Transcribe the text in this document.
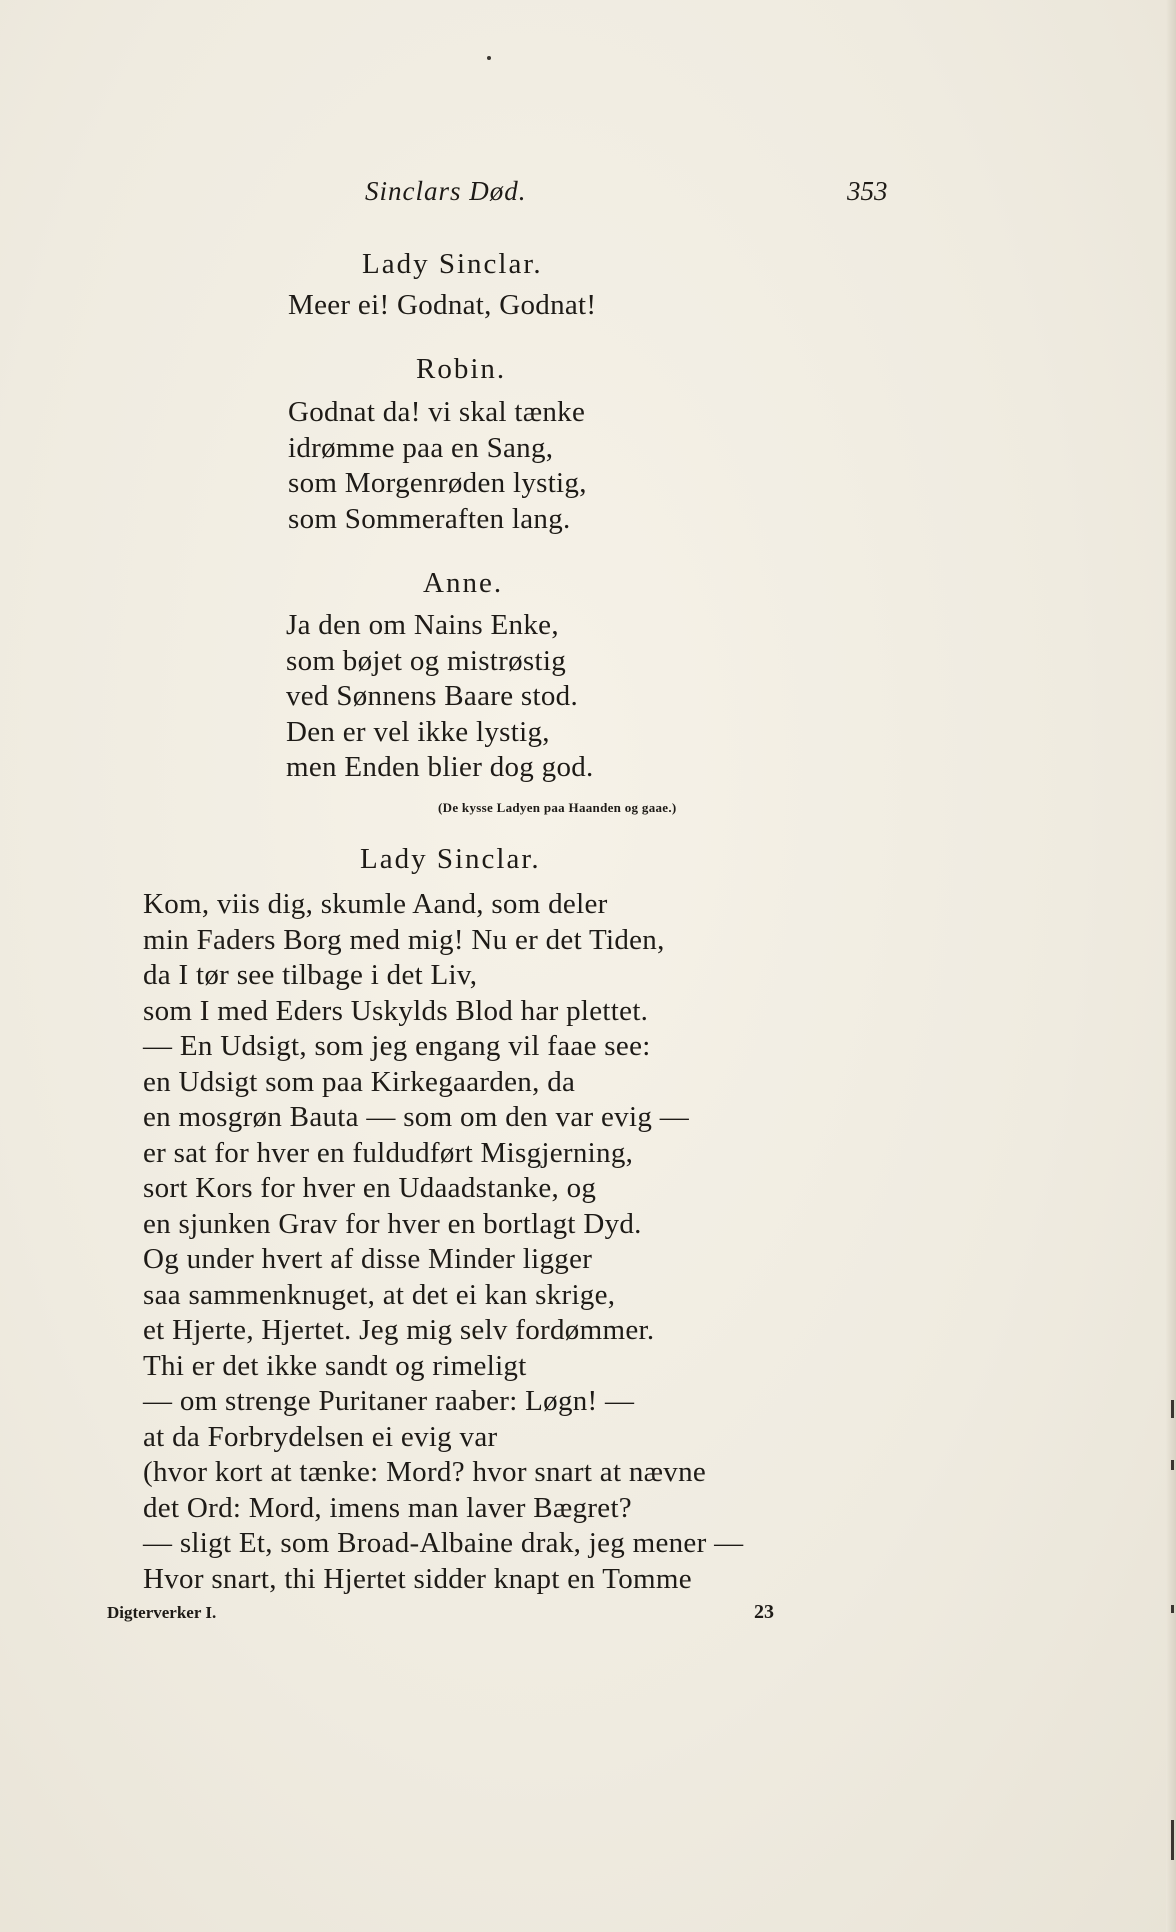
Sinclars Død.	353
Lady Sinclar.
Meer ei! Godnat, Godnat!
Robin.
Godnat da! vi skal tænke
idrømme paa en Sang,
som Morgenrøden lystig,
som Sommeraften lang.
Anne.
Ja den om Nains Enke,
som bøjet og mistrøstig
ved Sønnens Baare stod.
Den er vel ikke lystig,
men Enden blier dog god.
(De kysse Ladyen paa Haanden og gaae.)
Lady Sinclar.
Kom, viis dig, skumle Aand, som deler
min Faders Borg med mig! Nu er det Tiden,
da I tør see tilbage i det Liv,
som I med Eders Uskylds Blod har plettet.
— En Udsigt, som jeg engang vil faae see:
en Udsigt som paa Kirkegaarden, da
en mosgrøn Bauta — som om den var evig —
er sat for hver en fuldudført Misgjerning,
sort Kors for hver en Udaadstanke, og
en sjunken Grav for hver en bortlagt Dyd.
Og under hvert af disse Minder ligger
saa sammenknuget, at det ei kan skrige,
et Hjerte, Hjertet. Jeg mig selv fordømmer.
Thi er det ikke sandt og rimeligt
— om strenge Puritaner raaber: Løgn! —
at da Forbrydelsen ei evig var
(hvor kort at tænke: Mord? hvor snart at nævne
det Ord: Mord, imens man laver Bægret?
— sligt Et, som Broad-Albaine drak, jeg mener —
Hvor snart, thi Hjertet sidder knapt en Tomme
Digterverker I.	23
